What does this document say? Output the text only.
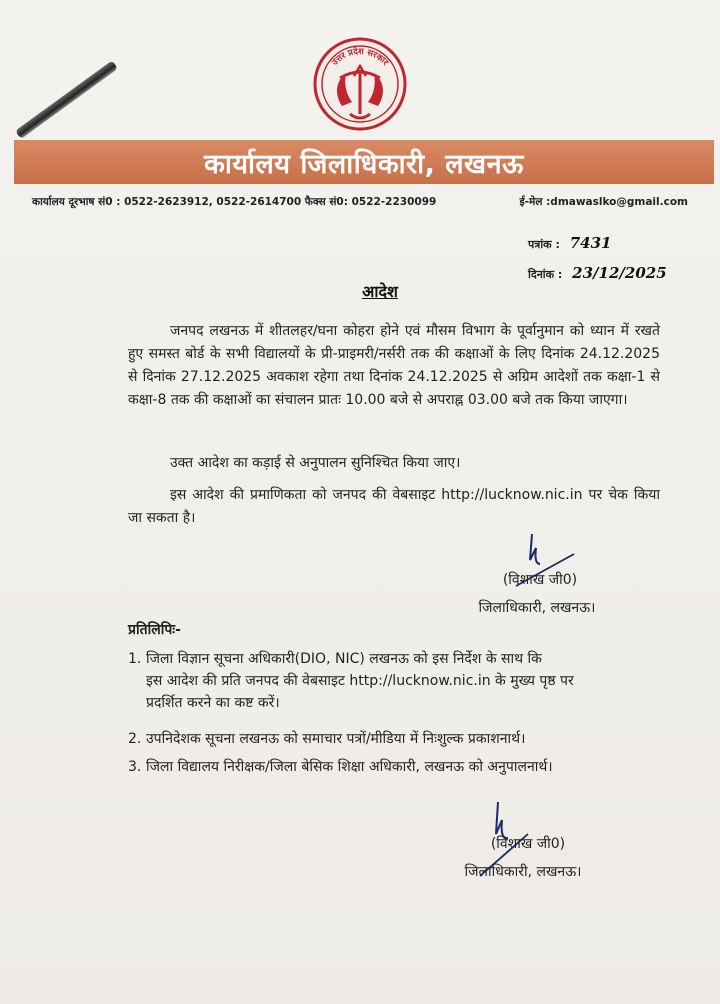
उत्तर प्रदेश सरकार
कार्यालय जिलाधिकारी, लखनऊ
कार्यालय दूरभाष सं0 : 0522-2623912, 0522-2614700 फैक्स सं0: 0522-2230099	ई-मेल :dmawaslko@gmail.com
पत्रांक : 7431
दिनांक : 23/12/2025
आदेश
जनपद लखनऊ में शीतलहर/घना कोहरा होने एवं मौसम विभाग के पूर्वानुमान को ध्यान में रखते हुए समस्त बोर्ड के सभी विद्यालयों के प्री-प्राइमरी/नर्सरी तक की कक्षाओं के लिए दिनांक 24.12.2025 से दिनांक 27.12.2025 अवकाश रहेगा तथा दिनांक 24.12.2025 से अग्रिम आदेशों तक कक्षा-1 से कक्षा-8 तक की कक्षाओं का संचालन प्रातः 10.00 बजे से अपराह्न 03.00 बजे तक किया जाएगा।
उक्त आदेश का कड़ाई से अनुपालन सुनिश्चित किया जाए।
इस आदेश की प्रमाणिकता को जनपद की वेबसाइट http://lucknow.nic.in पर चेक किया जा सकता है।
(विशाख जी0)
जिलाधिकारी, लखनऊ।
प्रतिलिपिः-
1. जिला विज्ञान सूचना अधिकारी(DIO, NIC) लखनऊ को इस निर्देश के साथ कि
इस आदेश की प्रति जनपद की वेबसाइट http://lucknow.nic.in के मुख्य पृष्ठ पर
प्रदर्शित करने का कष्ट करें।
2. उपनिदेशक सूचना लखनऊ को समाचार पत्रों/मीडिया में निःशुल्क प्रकाशनार्थ।
3. जिला विद्यालय निरीक्षक/जिला बेसिक शिक्षा अधिकारी, लखनऊ को अनुपालनार्थ।
(विशाख जी0)
जिलाधिकारी, लखनऊ।
